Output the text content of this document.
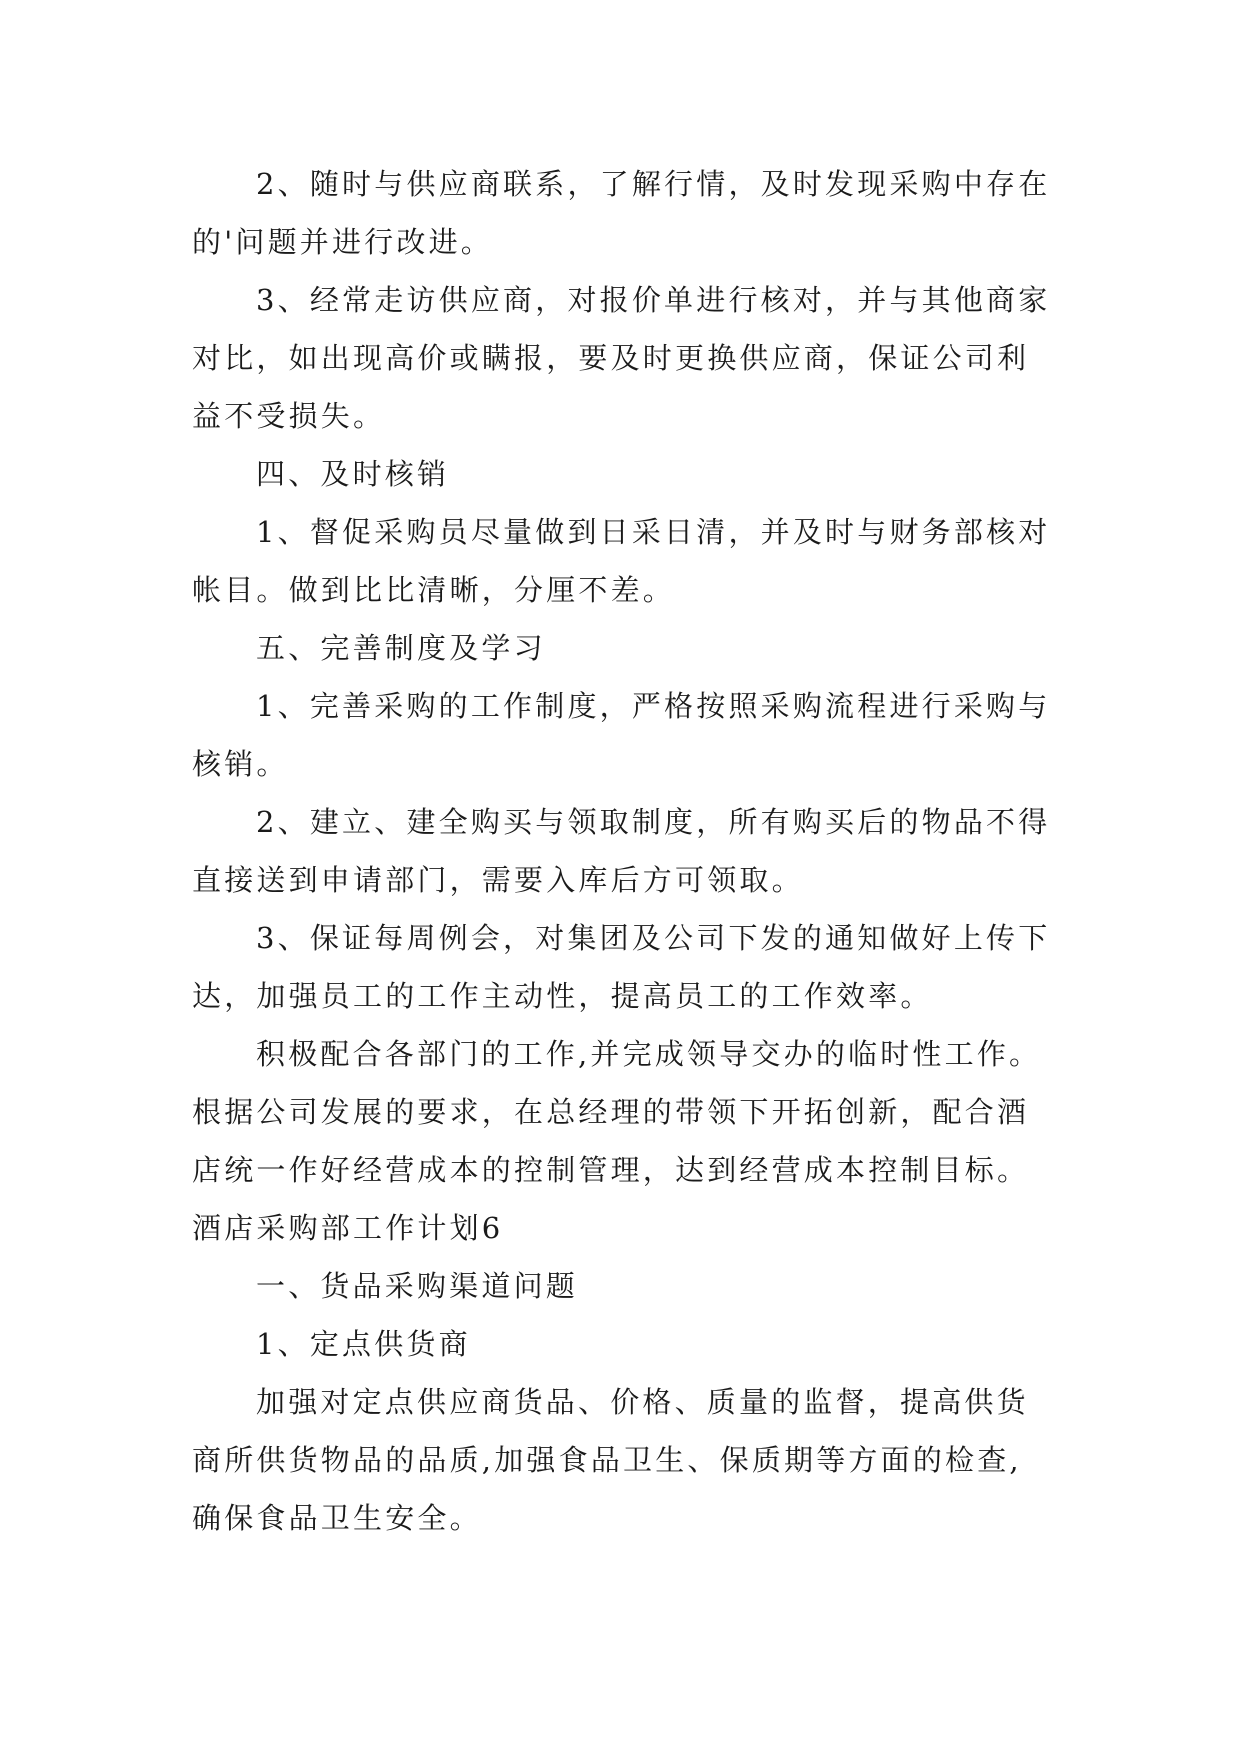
2、随时与供应商联系，了解行情，及时发现采购中存在的'问题并进行改进。

3、经常走访供应商，对报价单进行核对，并与其他商家对比，如出现高价或瞒报，要及时更换供应商，保证公司利益不受损失。

四、及时核销

1、督促采购员尽量做到日采日清，并及时与财务部核对帐目。做到比比清晰，分厘不差。

五、完善制度及学习

1、完善采购的工作制度，严格按照采购流程进行采购与核销。

2、建立、建全购买与领取制度，所有购买后的物品不得直接送到申请部门，需要入库后方可领取。

3、保证每周例会，对集团及公司下发的通知做好上传下达，加强员工的工作主动性，提高员工的工作效率。

积极配合各部门的工作,并完成领导交办的临时性工作。根据公司发展的要求，在总经理的带领下开拓创新，配合酒店统一作好经营成本的控制管理，达到经营成本控制目标。

酒店采购部工作计划6

一、货品采购渠道问题

1、定点供货商

加强对定点供应商货品、价格、质量的监督，提高供货商所供货物品的品质,加强食品卫生、保质期等方面的检查,确保食品卫生安全。
